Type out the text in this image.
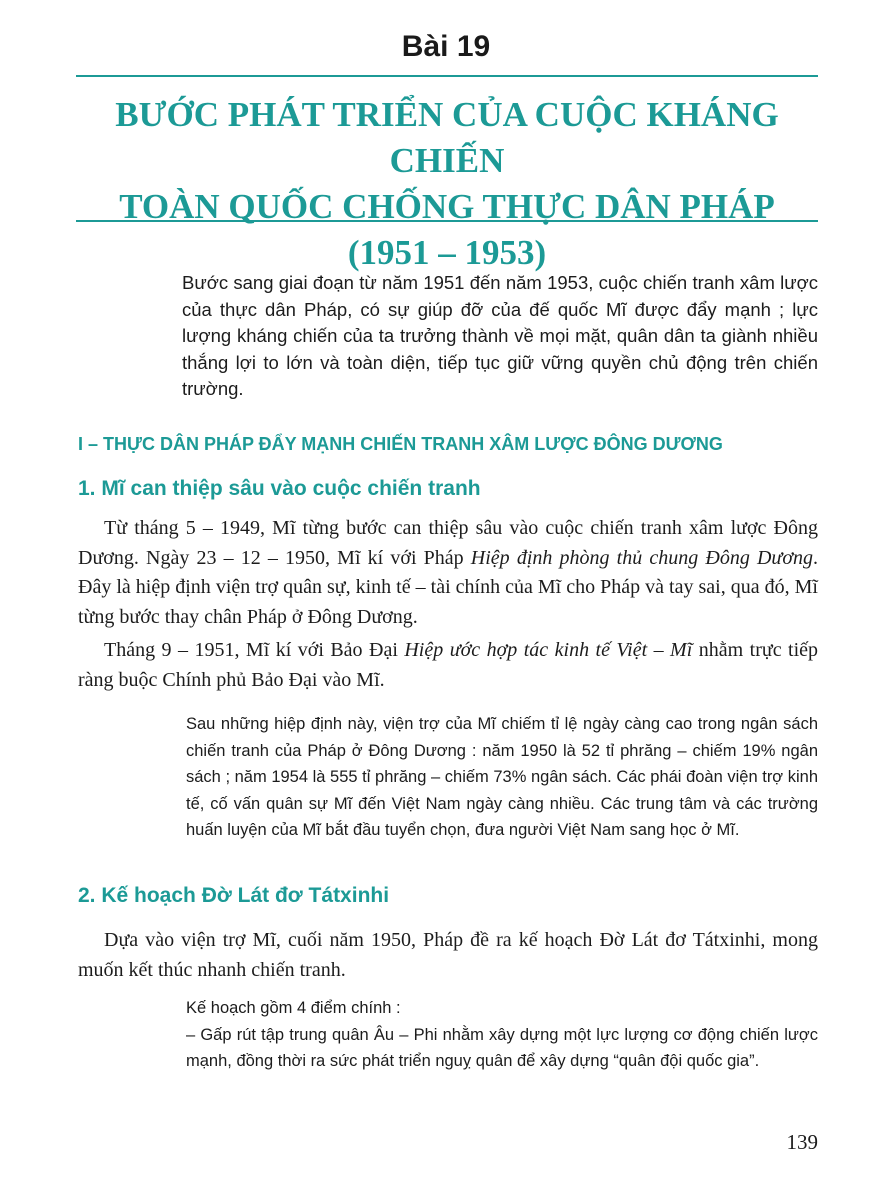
Bài 19
BƯỚC PHÁT TRIỂN CỦA CUỘC KHÁNG CHIẾN
TOÀN QUỐC CHỐNG THỰC DÂN PHÁP
(1951 – 1953)

Bước sang giai đoạn từ năm 1951 đến năm 1953, cuộc chiến tranh xâm lược của thực dân Pháp, có sự giúp đỡ của đế quốc Mĩ được đẩy mạnh ; lực lượng kháng chiến của ta trưởng thành về mọi mặt, quân dân ta giành nhiều thắng lợi to lớn và toàn diện, tiếp tục giữ vững quyền chủ động trên chiến trường.

I – THỰC DÂN PHÁP ĐẨY MẠNH CHIẾN TRANH XÂM LƯỢC ĐÔNG DƯƠNG
1. Mĩ can thiệp sâu vào cuộc chiến tranh

Từ tháng 5 – 1949, Mĩ từng bước can thiệp sâu vào cuộc chiến tranh xâm lược Đông Dương. Ngày 23 – 12 – 1950, Mĩ kí với Pháp Hiệp định phòng thủ chung Đông Dương. Đây là hiệp định viện trợ quân sự, kinh tế – tài chính của Mĩ cho Pháp và tay sai, qua đó, Mĩ từng bước thay chân Pháp ở Đông Dương.

Tháng 9 – 1951, Mĩ kí với Bảo Đại Hiệp ước hợp tác kinh tế Việt – Mĩ nhằm trực tiếp ràng buộc Chính phủ Bảo Đại vào Mĩ.

Sau những hiệp định này, viện trợ của Mĩ chiếm tỉ lệ ngày càng cao trong ngân sách chiến tranh của Pháp ở Đông Dương : năm 1950 là 52 tỉ phrăng – chiếm 19% ngân sách ; năm 1954 là 555 tỉ phrăng – chiếm 73% ngân sách. Các phái đoàn viện trợ kinh tế, cố vấn quân sự Mĩ đến Việt Nam ngày càng nhiều. Các trung tâm và các trường huấn luyện của Mĩ bắt đầu tuyển chọn, đưa người Việt Nam sang học ở Mĩ.

2. Kế hoạch Đờ Lát đơ Tátxinhi

Dựa vào viện trợ Mĩ, cuối năm 1950, Pháp đề ra kế hoạch Đờ Lát đơ Tátxinhi, mong muốn kết thúc nhanh chiến tranh.

Kế hoạch gồm 4 điểm chính :
– Gấp rút tập trung quân Âu – Phi nhằm xây dựng một lực lượng cơ động chiến lược mạnh, đồng thời ra sức phát triển nguỵ quân để xây dựng “quân đội quốc gia”.

139
